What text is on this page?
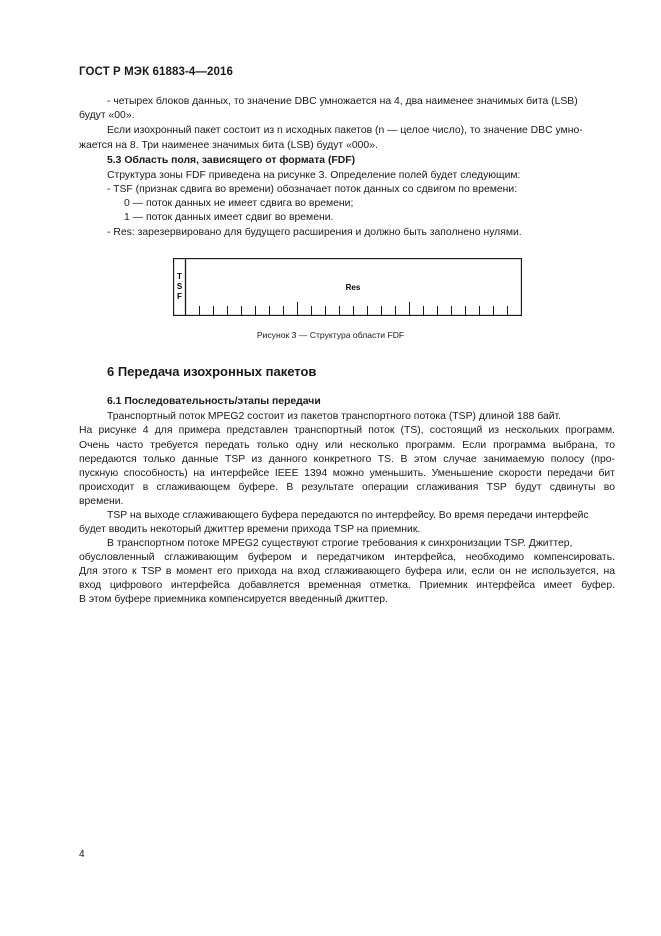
ГОСТ Р МЭК 61883-4—2016
- четырех блоков данных, то значение DBC умножается на 4, два наименее значимых бита (LSB)
будут «00».
Если изохронный пакет состоит из n исходных пакетов (n — целое число), то значение DBC умно-
жается на 8. Три наименее значимых бита (LSB) будут «000».
5.3 Область поля, зависящего от формата (FDF)
Структура зоны FDF приведена на рисунке 3. Определение полей будет следующим:
- TSF (признак сдвига во времени) обозначает поток данных со сдвигом по времени:
0 — поток данных не имеет сдвига во времени;
1 — поток данных имеет сдвиг во времени.
- Res: зарезервировано для будущего расширения и должно быть заполнено нулями.
T
S
F
Res
Рисунок 3 — Структура области FDF
6 Передача изохронных пакетов
6.1 Последовательность/этапы передачи
Транспортный поток MPEG2 состоит из пакетов транспортного потока (TSP) длиной 188 байт.
На рисунке 4 для примера представлен транспортный поток (TS), состоящий из нескольких программ.
Очень часто требуется передать только одну или несколько программ. Если программа выбрана, то
передаются только данные TSP из данного конкретного TS. В этом случае занимаемую полосу (про-
пускную способность) на интерфейсе IEEE 1394 можно уменьшить. Уменьшение скорости передачи бит
происходит в сглаживающем буфере. В результате операции сглаживания TSP будут сдвинуты во
времени.
TSP на выходе сглаживающего буфера передаются по интерфейсу. Во время передачи интерфейс
будет вводить некоторый джиттер времени прихода TSP на приемник.
В транспортном потоке MPEG2 существуют строгие требования к синхронизации TSP. Джиттер,
обусловленный сглаживающим буфером и передатчиком интерфейса, необходимо компенсировать.
Для этого к TSP в момент его прихода на вход сглаживающего буфера или, если он не используется, на
вход цифрового интерфейса добавляется временная отметка. Приемник интерфейса имеет буфер.
В этом буфере приемника компенсируется введенный джиттер.
4
